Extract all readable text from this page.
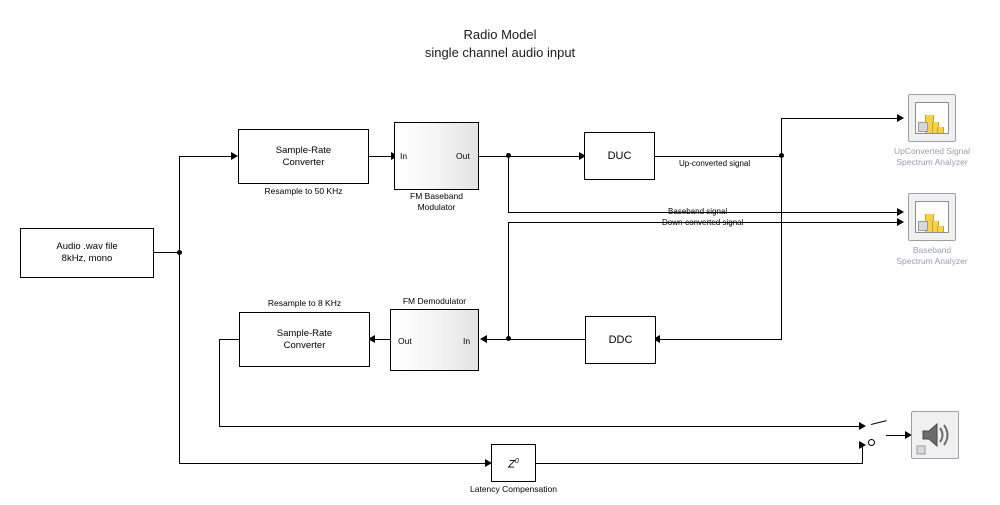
Radio Model
single channel audio input
Audio .wav file
8kHz, mono
Sample-Rate
Converter
Resample to 50 KHz
In	Out
FM Baseband
Modulator
DUC
DDC
Out	In
FM Demodulator
Sample-Rate
Converter
Resample to 8 KHz
$Z^0$
Latency Compensation
Up-converted signal
Baseband signal
Down-converted signal
UpConverted Signal
Spectrum Analyzer
Baseband
Spectrum Analyzer
